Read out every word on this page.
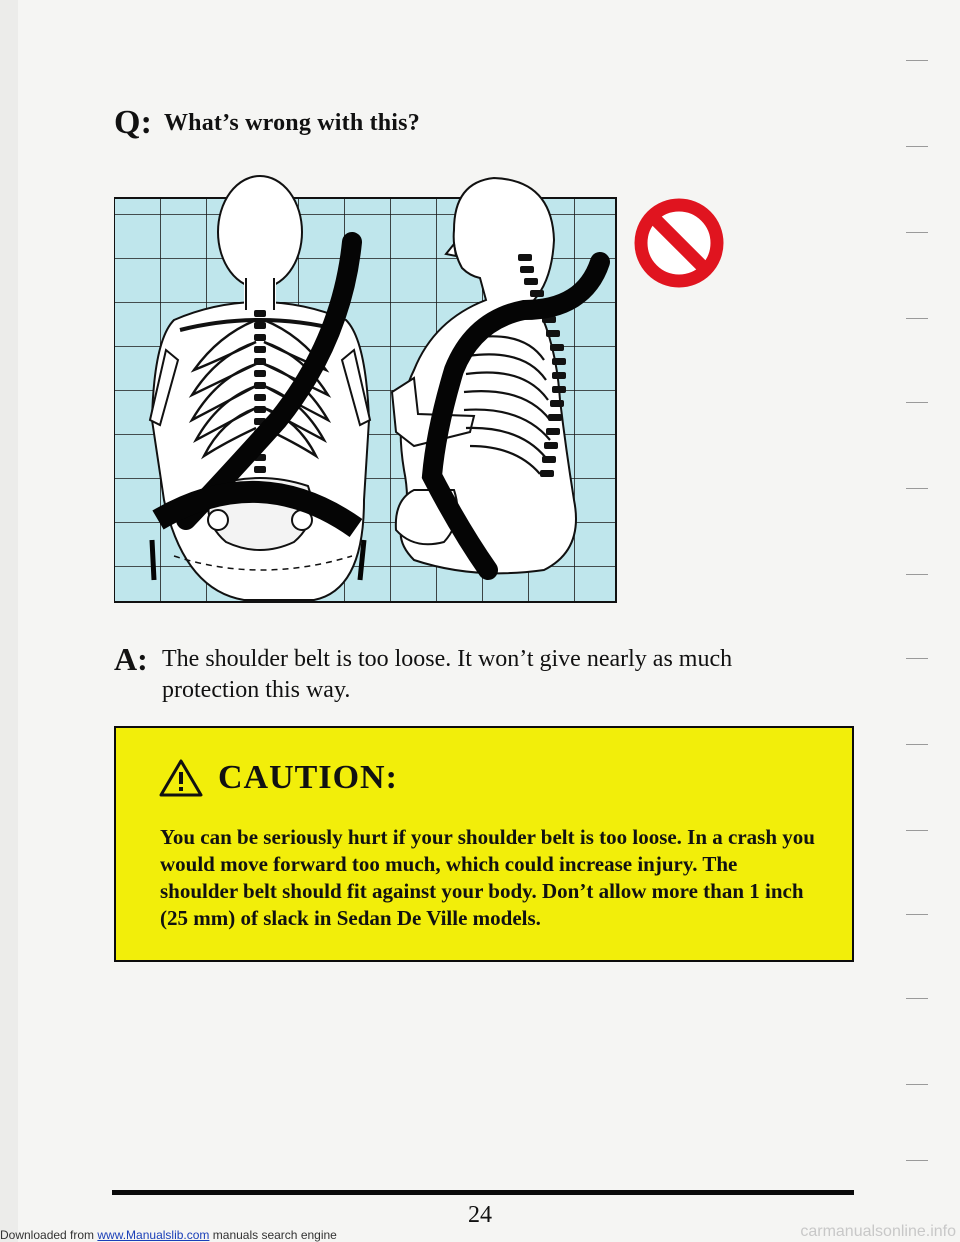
Q: What’s wrong with this?
A: The shoulder belt is too loose. It won’t give nearly as much protection this way.
CAUTION:
You can be seriously hurt if your shoulder belt is too loose. In a crash you would move forward too much, which could increase injury. The shoulder belt should fit against your body. Don’t allow more than 1 inch (25 mm) of slack in Sedan De Ville models.
24
Downloaded from www.Manualslib.com manuals search engine	carmanualsonline.info
